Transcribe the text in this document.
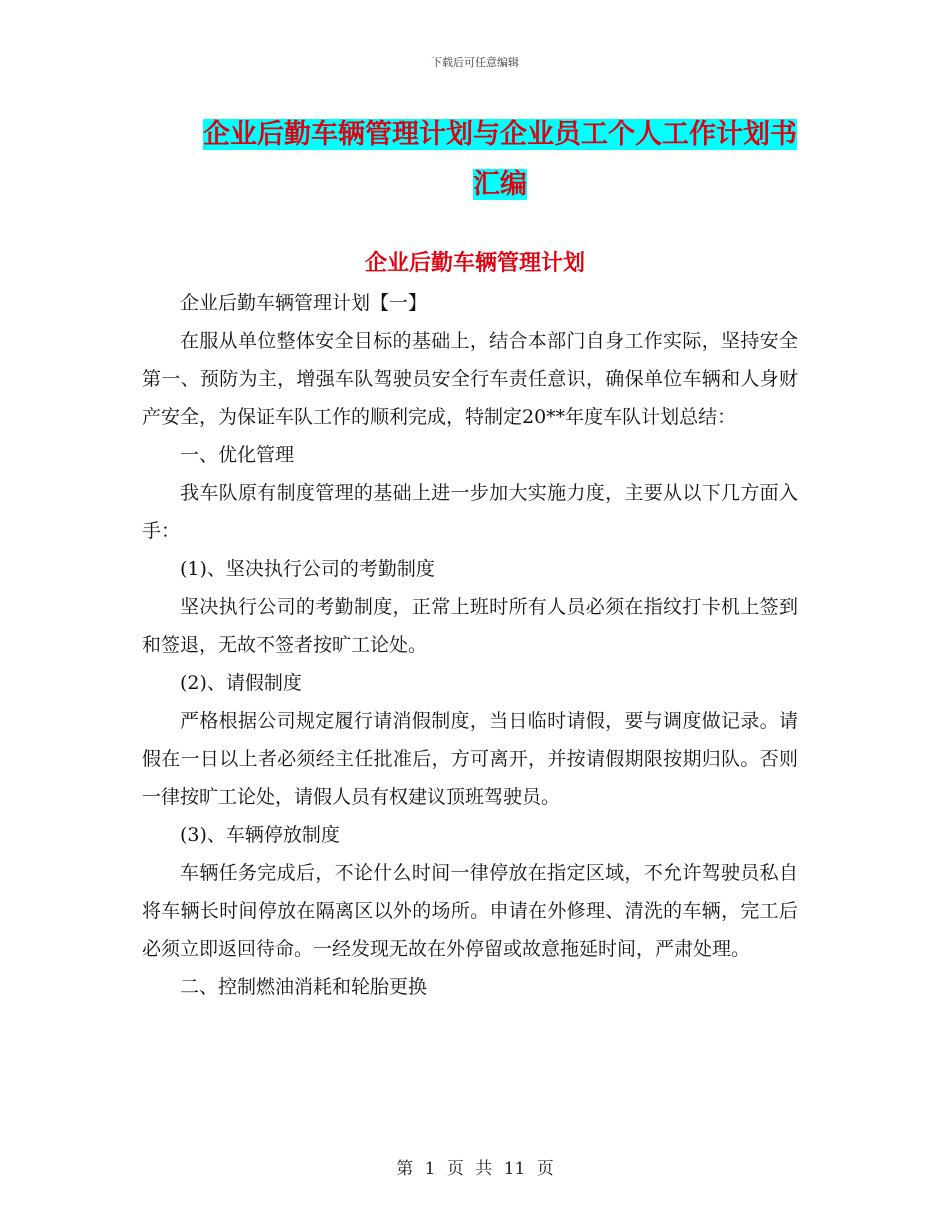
下载后可任意编辑
企业后勤车辆管理计划与企业员工个人工作计划书汇编
企业后勤车辆管理计划

企业后勤车辆管理计划【一】

在服从单位整体安全目标的基础上，结合本部门自身工作实际，坚持安全第一、预防为主，增强车队驾驶员安全行车责任意识，确保单位车辆和人身财产安全，为保证车队工作的顺利完成，特制定20**年度车队计划总结：

一、优化管理

我车队原有制度管理的基础上进一步加大实施力度，主要从以下几方面入手：

(1)、坚决执行公司的考勤制度

坚决执行公司的考勤制度，正常上班时所有人员必须在指纹打卡机上签到和签退，无故不签者按旷工论处。

(2)、请假制度

严格根据公司规定履行请消假制度，当日临时请假，要与调度做记录。请假在一日以上者必须经主任批准后，方可离开，并按请假期限按期归队。否则一律按旷工论处，请假人员有权建议顶班驾驶员。

(3)、车辆停放制度

车辆任务完成后，不论什么时间一律停放在指定区域，不允许驾驶员私自将车辆长时间停放在隔离区以外的场所。申请在外修理、清洗的车辆，完工后必须立即返回待命。一经发现无故在外停留或故意拖延时间，严肃处理。

二、控制燃油消耗和轮胎更换

第 1 页 共 11 页
